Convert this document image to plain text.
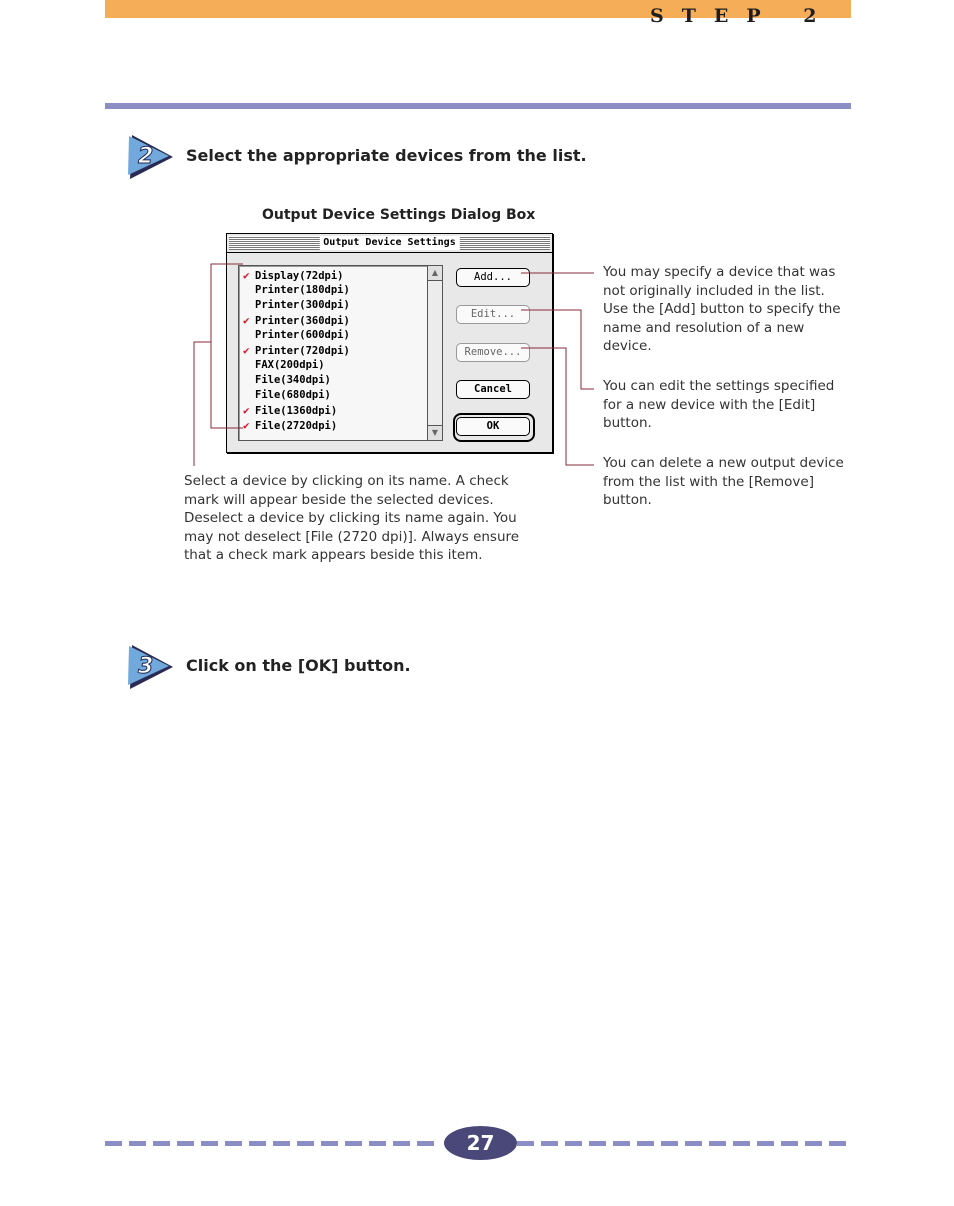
STEP 2
2 Select the appropriate devices from the list.
Output Device Settings Dialog Box
Output Device Settings
✔ Display(72dpi)
Printer(180dpi)
Printer(300dpi)
✔ Printer(360dpi)
Printer(600dpi)
✔ Printer(720dpi)
FAX(200dpi)
File(340dpi)
File(680dpi)
✔ File(1360dpi)
✔ File(2720dpi)
▲
▼
Add...
Edit...
Remove...
Cancel
OK
Select a device by clicking on its name. A check
mark will appear beside the selected devices.
Deselect a device by clicking its name again. You
may not deselect [File (2720 dpi)]. Always ensure
that a check mark appears beside this item.
You may specify a device that was
not originally included in the list.
Use the [Add] button to specify the
name and resolution of a new
device.
You can edit the settings specified
for a new device with the [Edit]
button.
You can delete a new output device
from the list with the [Remove]
button.
3 Click on the [OK] button.
27
